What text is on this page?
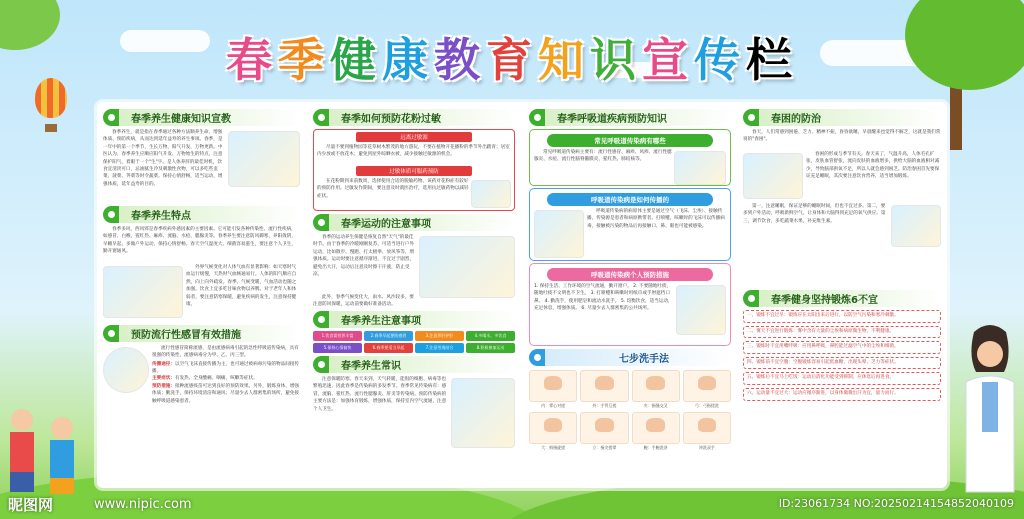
春季健康教育知识宣传栏
春季养生健康知识宣教

春季养生，就是指在春季通过各种方法顺养生命、增强体质、预防疾病，从而达到延年益寿的养生事项。春季，是一年中的第一个季节，生长万物，阳气升发，万物更新。中医认为，春季养生应顺应阳气升发、万物始生的特点，注意保护阳气，着眼于一个"生"字。是人体养肝的最佳时机，饮食宜清淡可口，忌油腻生冷及刺激性食物，可以多吃些韭菜、菠菜、荠菜等时令蔬菜。保持心情舒畅，适当运动，增强体质，延年益寿的目的。

春季养生特点

春季多风，西风邪是春季疾病外感因素的主要因素。它可能引发各种传染性、流行性疾病，如感冒、白喉、猩红热、麻疹、流脑、水痘、腮腺炎等。春季养生要注意防风御寒，养阳敛阴，早睡早起，多做户外运动，保持心情舒畅。春天空气湿度大、细菌容易滋生，要注意个人卫生，勤开窗通风。

外界气候变化对人体气血有显著影响：如天寒时气血运行缓慢，天热时气血畅通易行。人体的阳气顺应自然，向上向外疏发。春季，气候变暖，气血活动也随之加强。饮食上宜多吃甘味食物以养脾。对于老年人和体弱者，要注意防寒保暖，避免疾病的发生，注意保持健康。

预防流行性感冒有效措施

流行性感冒简称流感，是由流感病毒引起的急性呼吸道传染病，具有很强的传染性，流感病毒分为甲、乙、丙三型。

传播途径：以空气飞沫直接传播为主，也可通过被病毒污染的物品间接传播。

主要症状：有发热、全身酸痛、咽痛、咳嗽等症状。

预防措施：接种流感疫苗可达到良好的预防效果。另外，锻炼身体、增强体质；勤洗手，保持环境清洁和通风；尽量少去人群密集的场所，避免接触呼吸道感染患者。

春季如何预防花粉过敏
远离过敏源

尽量不要到植物园等花草树木繁茂的地方游玩，不要在植物开花播粉的季节外出踏青；居室内少放或不放花木；避免到屋外晾晒衣被，减少接触过敏源的机会。

过敏体质可服药预防

在花粉期到来前数周，选择使用合适的脱敏药物。该药对花粉症有较好的预防作用。过敏发作期间，要注意及时就医治疗，选用抗过敏药物以减轻症状。

春季运动的注意事项

春季的运动养生保健是恢复自然"天气"的最佳时节。由于春季的冷暖刚刚复苏，可适当进行户外运动，比如散步、慢跑、打太极拳、放风筝等，增强体质。运动时要注意循序渐进，不宜过于剧烈，避免出大汗，运动后注意及时擦干汗液，防止受凉。

此外，春季气候变化大，雨水、风沙较多，要注意防风保暖，运动前要做好准备活动。

春季养生注意事项
1.饮食需营养丰富	2.春季早起要防感冒	3.注意养肝护肝	4.多喝水、多饮食
5.保持心情愉快	6.春季要适当早起	7.注意劳逸结合	8.积极参加运动
春季养生常识

注意保暖防寒。春天来到，天气转暖，能很的细胞、病毒等也繁殖迅速，因此春季是传染病的多发季节。春季常见传染病有：感冒、流脑、猩红热、流行性腮腺炎、肝炎等传染病。预防传染病的主要方法是：加强体育锻炼，增强体质，保持室内空气流通，注意个人卫生。

春季呼吸道疾病预防知识
常见呼吸道传染病有哪些

常见呼吸道传染病主要有：流行性感冒、麻疹、风疹、流行性腮腺炎、水痘、流行性脑脊髓膜炎、猩红热、肺结核等。

呼吸道传染病是如何传播的

呼吸道传染病的病原体主要是通过空气（飞沫、尘埃）、接触传播。传染源是患者和病原携带者。打喷嚏、咳嗽时的飞沫可以传播病毒，接触被污染的物品后再接触口、鼻、眼也可能被感染。

呼吸道传染病个人预防措施

1. 保持生活、工作环境的空气流通，勤开窗户。 2. 不要随地吐痰，随地吐痰不文明也不卫生。 3. 打喷嚏和咳嗽时用纸巾或手肘遮挡口鼻。 4. 勤洗手，使用肥皂和流动水洗手。 5. 均衡饮食，适当运动，充足休息，增强体质。 6. 尽量少去人群密集的公共场所。

七步洗手法
内：掌心对搓	外：手背互搓	夹：指缝交叉	弓：弓指搓洗
大：拇指旋搓	立：指尖搓掌	腕：手腕洗净	冲洗双手
春困的防治

春天，人们常感到困倦、乏力、精神不振，昏昏欲睡，早晨醒来也觉得不解乏，这就是我们常说的"春困"。

春困的形成与季节有关。春天来了，气温升高，人体毛孔扩张，皮肤血管舒张，流向皮肤的血液增多，供给大脑的血液相对减少，导致脑部供氧不足，所以人就会感到困乏。防治春困首先要保证充足睡眠，其次要注意饮食营养，适当增加锻炼。

第一，注意睡眠，保证足够的睡眠时间，但也不宜过多。第二，要多到户外活动，呼吸新鲜空气，让身体和大脑得到充足的氧气供应。第三，调节饮食，多吃蔬菜水果，补充维生素。

春季健身坚持锻炼6不宜
一、锻炼不宜过早：锻炼应在太阳出来后进行，以防空气污染和寒冷刺激。
二、雾天不宜进行锻炼：雾中含有大量的尘埃和病原微生物，不利健康。
三、锻炼时不宜用嘴呼吸：应用鼻呼吸，鼻腔能过滤空气中的尘埃和细菌。
四、锻炼前不宜空腹：空腹锻炼容易引起低血糖，出现头晕、乏力等症状。
五、锻炼后不宜马上吃饭：运动后消化功能受到抑制，应休息后再进食。
六、运动量不宜过大：运动应循序渐进，以身体微微出汗为宜，量力而行。
昵图网	www.nipic.com	ID:23061734 NO:20250214154852040109
